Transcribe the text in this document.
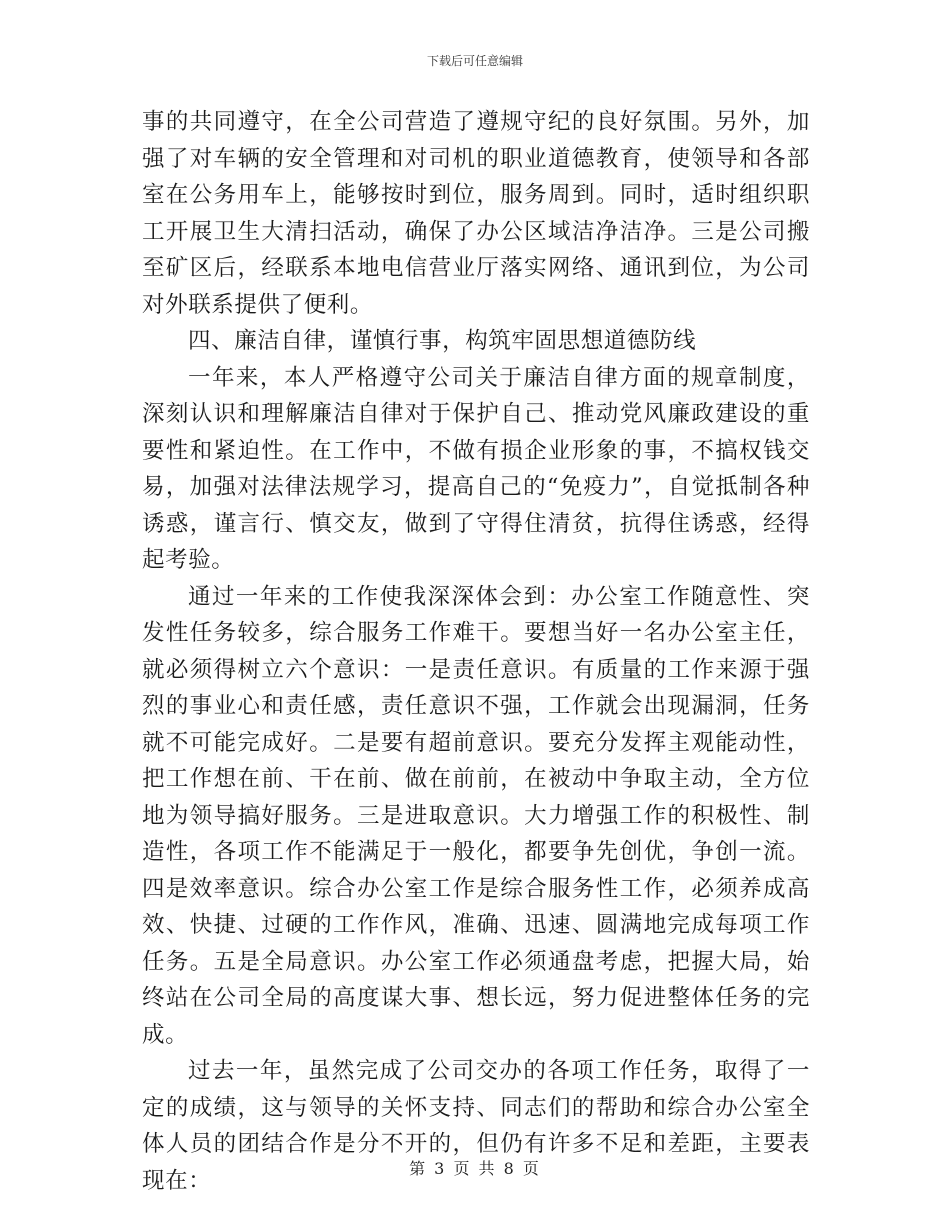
下载后可任意编辑

事的共同遵守，在全公司营造了遵规守纪的良好氛围。另外，加强了对车辆的安全管理和对司机的职业道德教育，使领导和各部室在公务用车上，能够按时到位，服务周到。同时，适时组织职工开展卫生大清扫活动，确保了办公区域洁净洁净。三是公司搬至矿区后，经联系本地电信营业厅落实网络、通讯到位，为公司对外联系提供了便利。

四、廉洁自律，谨慎行事，构筑牢固思想道德防线

一年来，本人严格遵守公司关于廉洁自律方面的规章制度，深刻认识和理解廉洁自律对于保护自己、推动党风廉政建设的重要性和紧迫性。在工作中，不做有损企业形象的事，不搞权钱交易，加强对法律法规学习，提高自己的“免疫力”，自觉抵制各种诱惑，谨言行、慎交友，做到了守得住清贫，抗得住诱惑，经得起考验。

通过一年来的工作使我深深体会到：办公室工作随意性、突发性任务较多，综合服务工作难干。要想当好一名办公室主任，就必须得树立六个意识：一是责任意识。有质量的工作来源于强烈的事业心和责任感，责任意识不强，工作就会出现漏洞，任务就不可能完成好。二是要有超前意识。要充分发挥主观能动性，把工作想在前、干在前、做在前前，在被动中争取主动，全方位地为领导搞好服务。三是进取意识。大力增强工作的积极性、制造性，各项工作不能满足于一般化，都要争先创优，争创一流。四是效率意识。综合办公室工作是综合服务性工作，必须养成高效、快捷、过硬的工作作风，准确、迅速、圆满地完成每项工作任务。五是全局意识。办公室工作必须通盘考虑，把握大局，始终站在公司全局的高度谋大事、想长远，努力促进整体任务的完成。

过去一年，虽然完成了公司交办的各项工作任务，取得了一定的成绩，这与领导的关怀支持、同志们的帮助和综合办公室全体人员的团结合作是分不开的，但仍有许多不足和差距，主要表现在：	第 3 页 共 8 页
